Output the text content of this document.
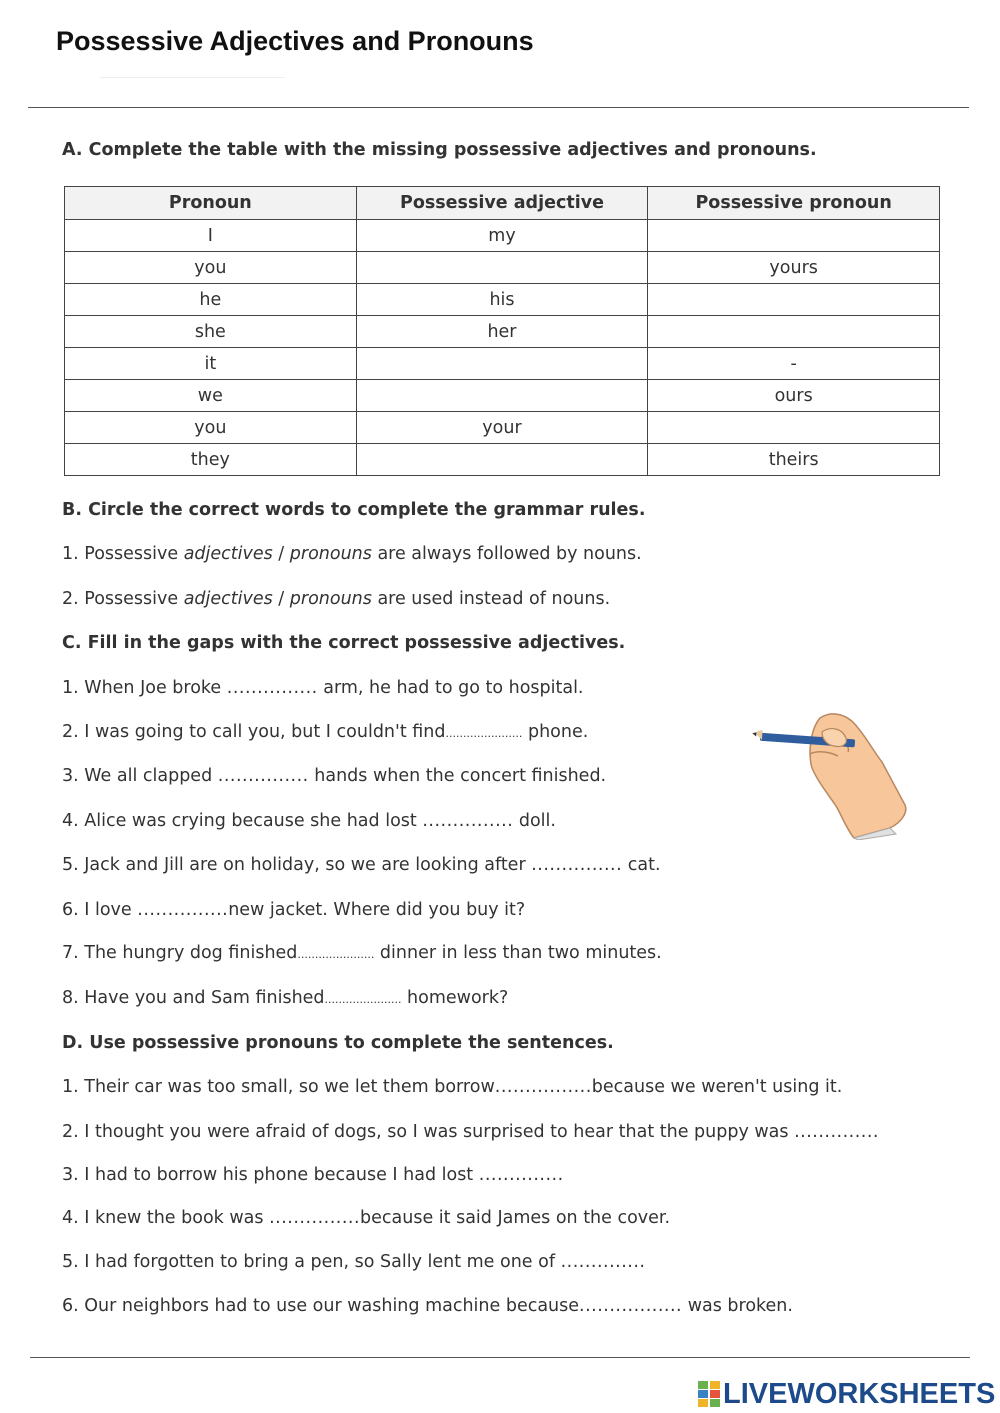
Possessive Adjectives and Pronouns
A. Complete the table with the missing possessive adjectives and pronouns.
Pronoun	Possessive adjective	Possessive pronoun
I	my	
you		yours
he	his	
she	her	
it		-
we		ours
you	your	
they		theirs
B. Circle the correct words to complete the grammar rules.
1. Possessive adjectives / pronouns are always followed by nouns.
2. Possessive adjectives / pronouns are used instead of nouns.
C. Fill in the gaps with the correct possessive adjectives.
1. When Joe broke ............... arm, he had to go to hospital.
2. I was going to call you, but I couldn't find...................... phone.
3. We all clapped ............... hands when the concert finished.
4. Alice was crying because she had lost ............... doll.
5. Jack and Jill are on holiday, so we are looking after ............... cat.
6. I love ...............new jacket. Where did you buy it?
7. The hungry dog finished...................... dinner in less than two minutes.
8. Have you and Sam finished...................... homework?
D. Use possessive pronouns to complete the sentences.
1. Their car was too small, so we let them borrow................because we weren't using it.
2. I thought you were afraid of dogs, so I was surprised to hear that the puppy was ..............
3. I had to borrow his phone because I had lost ..............
4. I knew the book was ...............because it said James on the cover.
5. I had forgotten to bring a pen, so Sally lent me one of ..............
6. Our neighbors had to use our washing machine because................. was broken.
LIVEWORKSHEETS
